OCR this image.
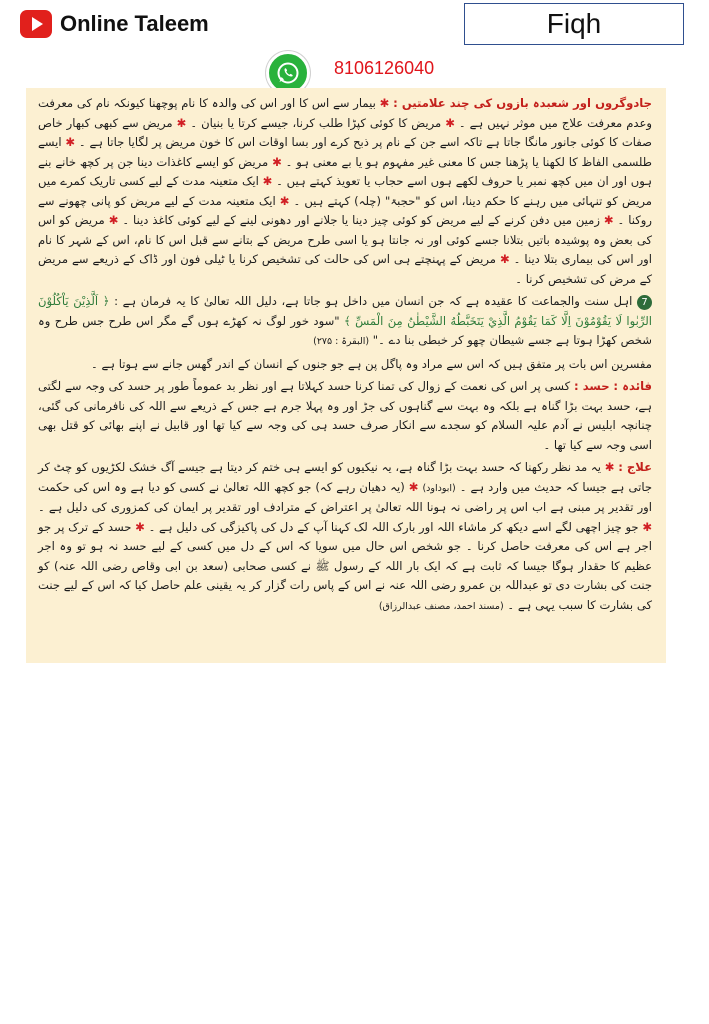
Online Taleem	Fiqh
8106126040

جادوگروں اور شعبدہ بازوں کی چند علامتیں : ✱ بیمار سے اس کا اور اس کی والدہ کا نام پوچھنا کیونکہ نام کی معرفت وعدم معرفت علاج میں موثر نہیں ہے ۔ ✱ مریض کا کوئی کپڑا طلب کرنا، جیسے کرتا یا بنیان ۔ ✱ مریض سے کبھی کبھار خاص صفات کا کوئی جانور مانگا جاتا ہے تاکہ اسے جن کے نام پر ذبح کرے اور بسا اوقات اس کا خون مریض پر لگایا جاتا ہے ۔ ✱ ایسے طلسمی الفاظ کا لکھنا یا پڑھنا جس کا معنی غیر مفہوم ہو یا بے معنی ہو ۔ ✱ مریض کو ایسے کاغذات دینا جن پر کچھ خانے بنے ہوں اور ان میں کچھ نمبر یا حروف لکھے ہوں اسے حجاب یا تعویذ کہتے ہیں ۔ ✱ ایک متعینہ مدت کے لیے کسی تاریک کمرے میں مریض کو تنہائی میں رہنے کا حکم دینا، اس کو "حجبۃ" (چلہ) کہتے ہیں ۔ ✱ ایک متعینہ مدت کے لیے مریض کو پانی چھونے سے روکنا ۔ ✱ زمین میں دفن کرنے کے لیے مریض کو کوئی چیز دینا یا جلانے اور دھونی لینے کے لیے کوئی کاغذ دینا ۔ ✱ مریض کو اس کی بعض وہ پوشیدہ باتیں بتلانا جسے کوئی اور نہ جانتا ہو یا اسی طرح مریض کے بتانے سے قبل اس کا نام، اس کے شہر کا نام اور اس کی بیماری بتلا دینا ۔ ✱ مریض کے پہنچتے ہی اس کی حالت کی تشخیص کرنا یا ٹیلی فون اور ڈاک کے ذریعے سے مریض کے مرض کی تشخیص کرنا ۔

7 اہل سنت والجماعت کا عقیدہ ہے کہ جن انسان میں داخل ہو جاتا ہے، دلیل اللہ تعالیٰ کا یہ فرمان ہے : ﴿ اَلَّذِيْنَ يَاْكُلُوْنَ الرِّبٰوا لَا يَقُوْمُوْنَ اِلَّا كَمَا يَقُوْمُ الَّذِيْ يَتَخَبَّطُهُ الشَّيْطٰنُ مِنَ الْمَسِّ ﴾ "سود خور لوگ نہ کھڑے ہوں گے مگر اس طرح جس طرح وہ شخص کھڑا ہوتا ہے جسے شیطان چھو کر خبطی بنا دے ۔" (البقرۃ : ۲۷۵)

مفسرین اس بات پر متفق ہیں کہ اس سے مراد وہ پاگل پن ہے جو جنوں کے انسان کے اندر گھس جانے سے ہوتا ہے ۔

فائدہ : حسد : کسی پر اس کی نعمت کے زوال کی تمنا کرنا حسد کہلاتا ہے اور نظر بد عموماً طور پر حسد کی وجہ سے لگتی ہے، حسد بہت بڑا گناہ ہے بلکہ وہ بہت سے گناہوں کی جڑ اور وہ پہلا جرم ہے جس کے ذریعے سے اللہ کی نافرمانی کی گئی، چنانچہ ابلیس نے آدم علیہ السلام کو سجدے سے انکار صرف حسد ہی کی وجہ سے کیا تھا اور قابیل نے اپنے بھائی کو قتل بھی اسی وجہ سے کیا تھا ۔

علاج : ✱ یہ مد نظر رکھنا کہ حسد بہت بڑا گناہ ہے، یہ نیکیوں کو ایسے ہی ختم کر دیتا ہے جیسے آگ خشک لکڑیوں کو چٹ کر جاتی ہے جیسا کہ حدیث میں وارد ہے ۔ (ابوداود) ✱ (یہ دھیان رہے کہ) جو کچھ اللہ تعالیٰ نے کسی کو دیا ہے وہ اس کی حکمت اور تقدیر پر مبنی ہے اب اس پر راضی نہ ہونا اللہ تعالیٰ پر اعتراض کے مترادف اور تقدیر پر ایمان کی کمزوری کی دلیل ہے ۔ ✱ جو چیز اچھی لگے اسے دیکھ کر ماشاء اللہ اور بارک اللہ لک کہنا آپ کے دل کی پاکیزگی کی دلیل ہے ۔ ✱ حسد کے ترک پر جو اجر ہے اس کی معرفت حاصل کرنا ۔ جو شخص اس حال میں سویا کہ اس کے دل میں کسی کے لیے حسد نہ ہو تو وہ اجر عظیم کا حقدار ہوگا جیسا کہ ثابت ہے کہ ایک بار اللہ کے رسول ﷺ نے کسی صحابی (سعد بن ابی وقاص رضی اللہ عنہ) کو جنت کی بشارت دی تو عبداللہ بن عمرو رضی اللہ عنہ نے اس کے پاس رات گزار کر یہ یقینی علم حاصل کیا کہ اس کے لیے جنت کی بشارت کا سبب یہی ہے ۔ (مسند احمد، مصنف عبدالرزاق)
